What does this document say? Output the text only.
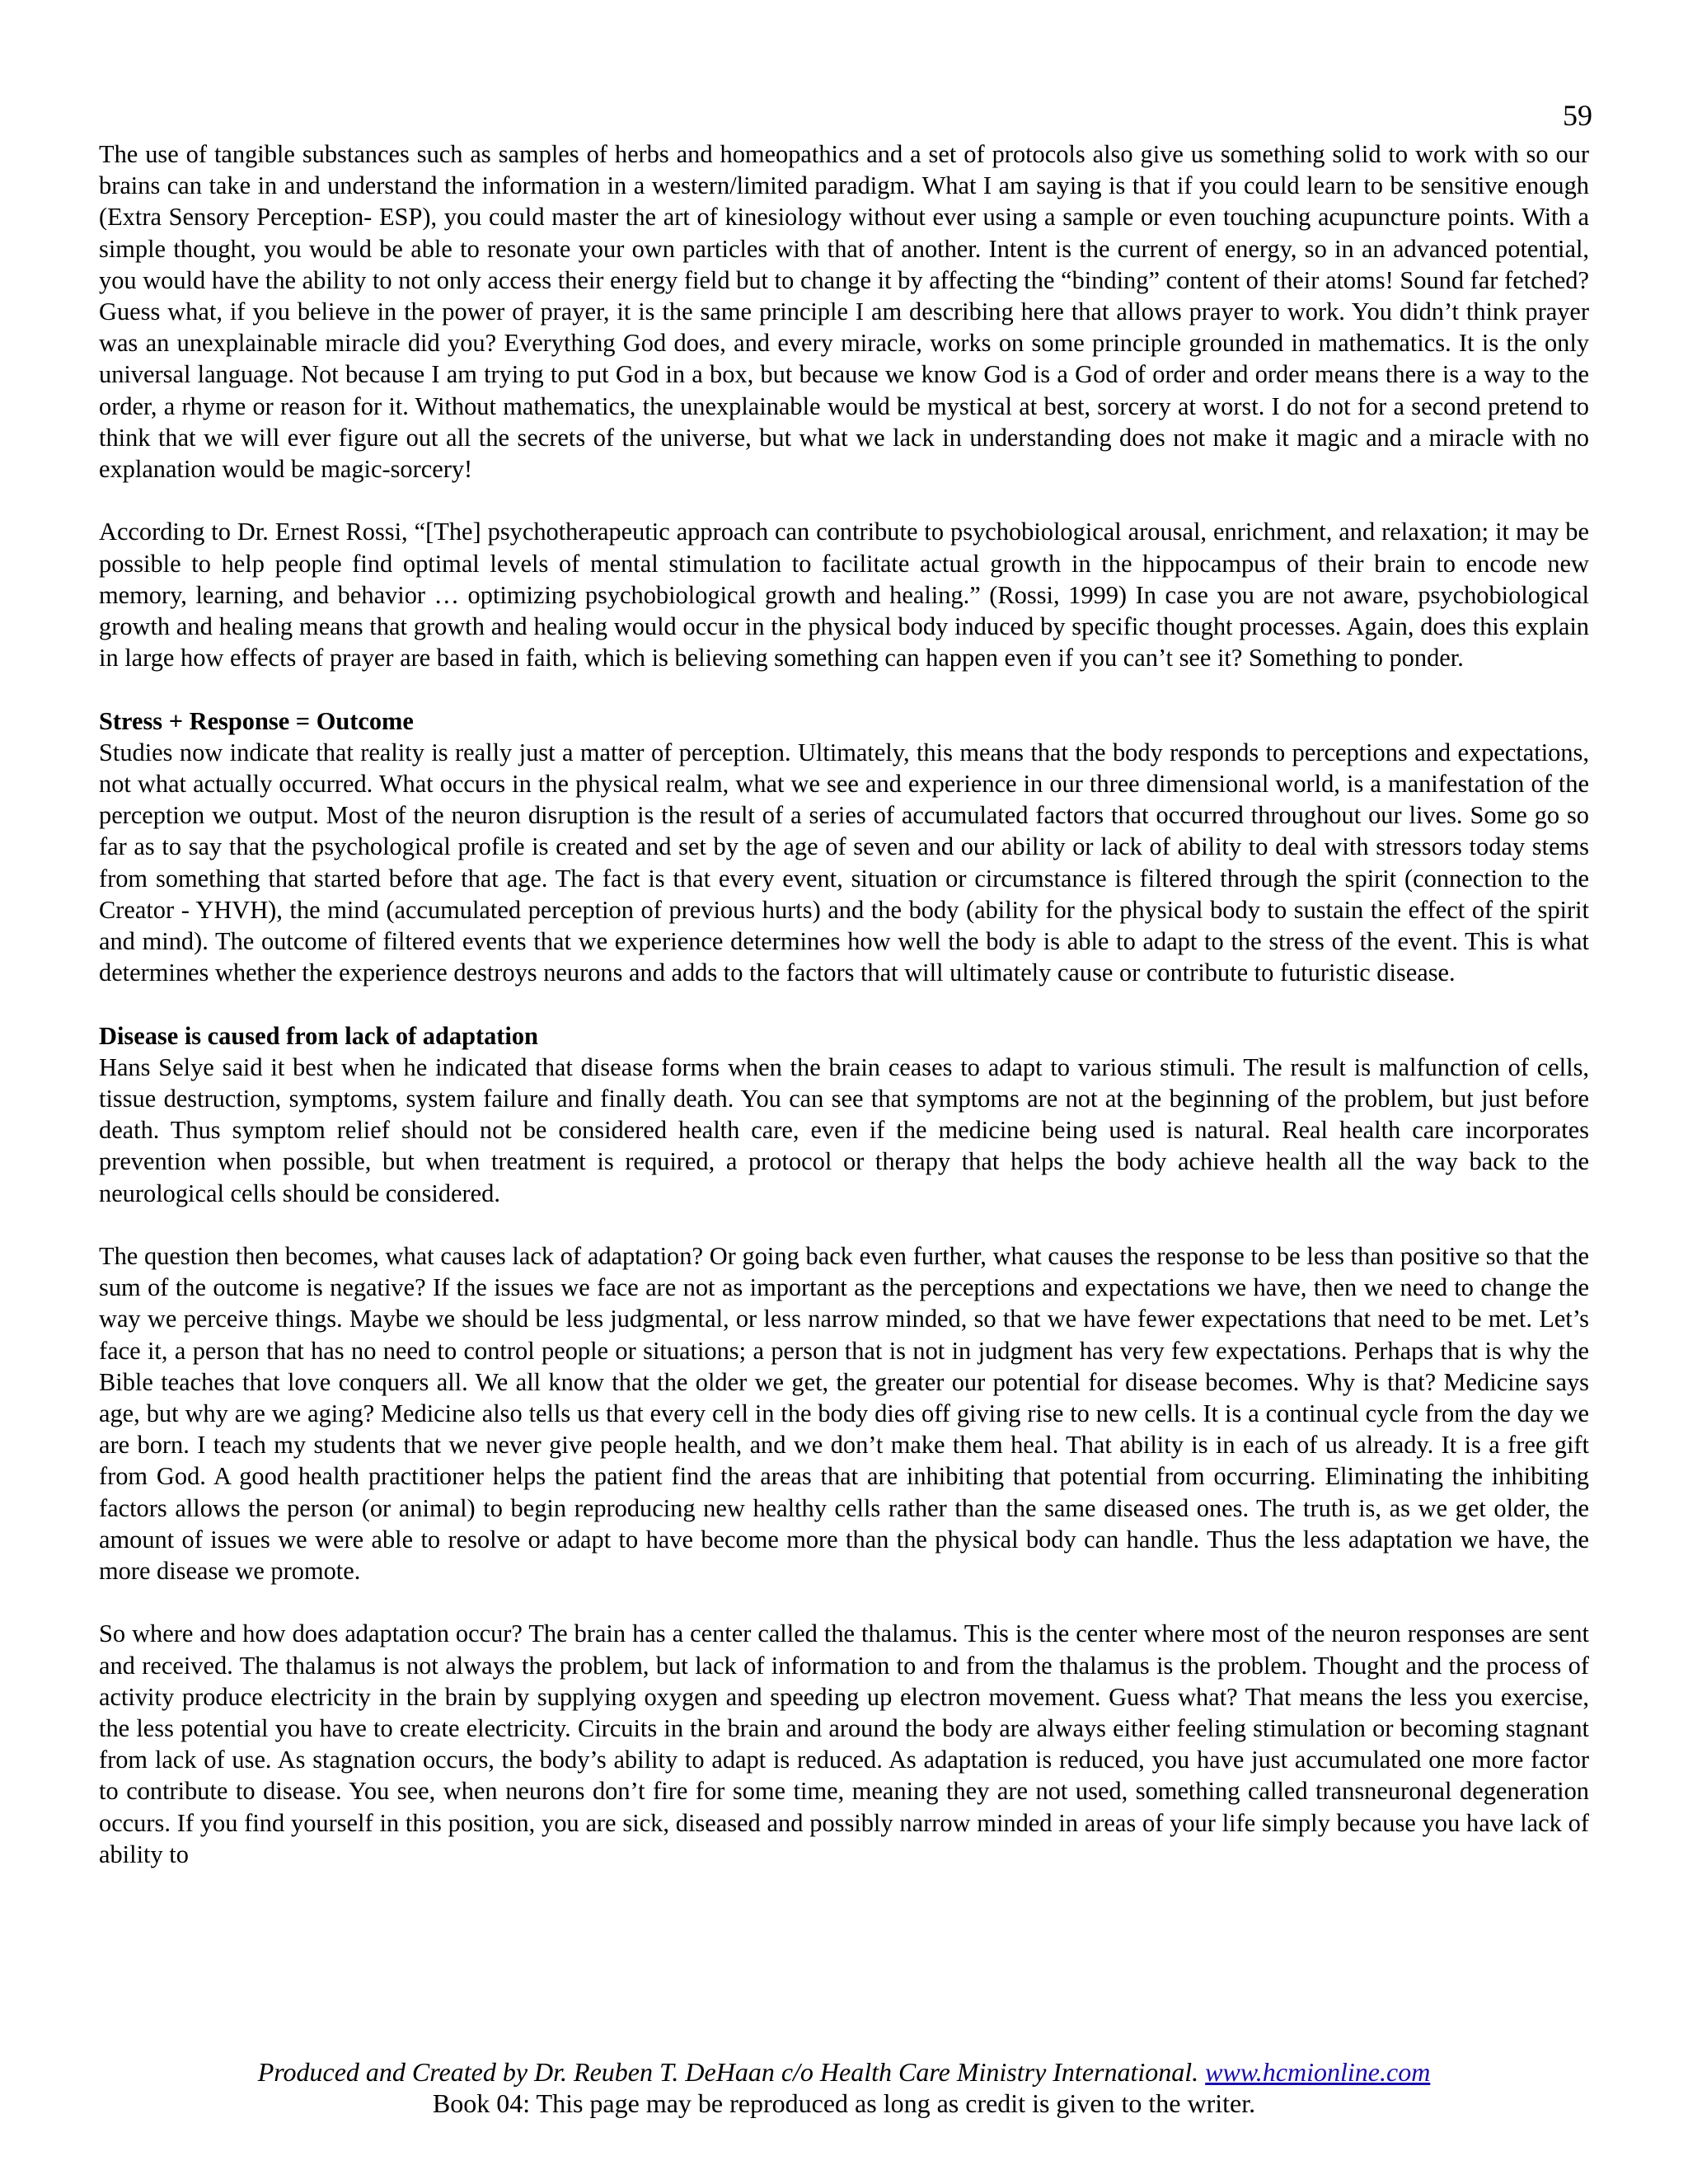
59

The use of tangible substances such as samples of herbs and homeopathics and a set of protocols also give us something solid to work with so our brains can take in and understand the information in a western/limited paradigm. What I am saying is that if you could learn to be sensitive enough (Extra Sensory Perception- ESP), you could master the art of kinesiology without ever using a sample or even touching acupuncture points. With a simple thought, you would be able to resonate your own particles with that of another. Intent is the current of energy, so in an advanced potential, you would have the ability to not only access their energy field but to change it by affecting the “binding” content of their atoms! Sound far fetched? Guess what, if you believe in the power of prayer, it is the same principle I am describing here that allows prayer to work. You didn’t think prayer was an unexplainable miracle did you? Everything God does, and every miracle, works on some principle grounded in mathematics. It is the only universal language. Not because I am trying to put God in a box, but because we know God is a God of order and order means there is a way to the order, a rhyme or reason for it. Without mathematics, the unexplainable would be mystical at best, sorcery at worst. I do not for a second pretend to think that we will ever figure out all the secrets of the universe, but what we lack in understanding does not make it magic and a miracle with no explanation would be magic-sorcery!

According to Dr. Ernest Rossi, “[The] psychotherapeutic approach can contribute to psychobiological arousal, enrichment, and relaxation; it may be possible to help people find optimal levels of mental stimulation to facilitate actual growth in the hippocampus of their brain to encode new memory, learning, and behavior … optimizing psychobiological growth and healing.” (Rossi, 1999) In case you are not aware, psychobiological growth and healing means that growth and healing would occur in the physical body induced by specific thought processes. Again, does this explain in large how effects of prayer are based in faith, which is believing something can happen even if you can’t see it? Something to ponder.

Stress + Response = Outcome

Studies now indicate that reality is really just a matter of perception. Ultimately, this means that the body responds to perceptions and expectations, not what actually occurred. What occurs in the physical realm, what we see and experience in our three dimensional world, is a manifestation of the perception we output. Most of the neuron disruption is the result of a series of accumulated factors that occurred throughout our lives. Some go so far as to say that the psychological profile is created and set by the age of seven and our ability or lack of ability to deal with stressors today stems from something that started before that age. The fact is that every event, situation or circumstance is filtered through the spirit (connection to the Creator - YHVH), the mind (accumulated perception of previous hurts) and the body (ability for the physical body to sustain the effect of the spirit and mind). The outcome of filtered events that we experience determines how well the body is able to adapt to the stress of the event. This is what determines whether the experience destroys neurons and adds to the factors that will ultimately cause or contribute to futuristic disease.

Disease is caused from lack of adaptation

Hans Selye said it best when he indicated that disease forms when the brain ceases to adapt to various stimuli. The result is malfunction of cells, tissue destruction, symptoms, system failure and finally death. You can see that symptoms are not at the beginning of the problem, but just before death. Thus symptom relief should not be considered health care, even if the medicine being used is natural. Real health care incorporates prevention when possible, but when treatment is required, a protocol or therapy that helps the body achieve health all the way back to the neurological cells should be considered.

The question then becomes, what causes lack of adaptation? Or going back even further, what causes the response to be less than positive so that the sum of the outcome is negative? If the issues we face are not as important as the perceptions and expectations we have, then we need to change the way we perceive things. Maybe we should be less judgmental, or less narrow minded, so that we have fewer expectations that need to be met. Let’s face it, a person that has no need to control people or situations; a person that is not in judgment has very few expectations. Perhaps that is why the Bible teaches that love conquers all. We all know that the older we get, the greater our potential for disease becomes. Why is that? Medicine says age, but why are we aging? Medicine also tells us that every cell in the body dies off giving rise to new cells. It is a continual cycle from the day we are born. I teach my students that we never give people health, and we don’t make them heal. That ability is in each of us already. It is a free gift from God. A good health practitioner helps the patient find the areas that are inhibiting that potential from occurring. Eliminating the inhibiting factors allows the person (or animal) to begin reproducing new healthy cells rather than the same diseased ones. The truth is, as we get older, the amount of issues we were able to resolve or adapt to have become more than the physical body can handle. Thus the less adaptation we have, the more disease we promote.

So where and how does adaptation occur? The brain has a center called the thalamus. This is the center where most of the neuron responses are sent and received. The thalamus is not always the problem, but lack of information to and from the thalamus is the problem. Thought and the process of activity produce electricity in the brain by supplying oxygen and speeding up electron movement. Guess what? That means the less you exercise, the less potential you have to create electricity. Circuits in the brain and around the body are always either feeling stimulation or becoming stagnant from lack of use. As stagnation occurs, the body’s ability to adapt is reduced. As adaptation is reduced, you have just accumulated one more factor to contribute to disease. You see, when neurons don’t fire for some time, meaning they are not used, something called transneuronal degeneration occurs. If you find yourself in this position, you are sick, diseased and possibly narrow minded in areas of your life simply because you have lack of ability to

Produced and Created by Dr. Reuben T. DeHaan c/o Health Care Ministry International. www.hcmionline.com
Book 04: This page may be reproduced as long as credit is given to the writer.
